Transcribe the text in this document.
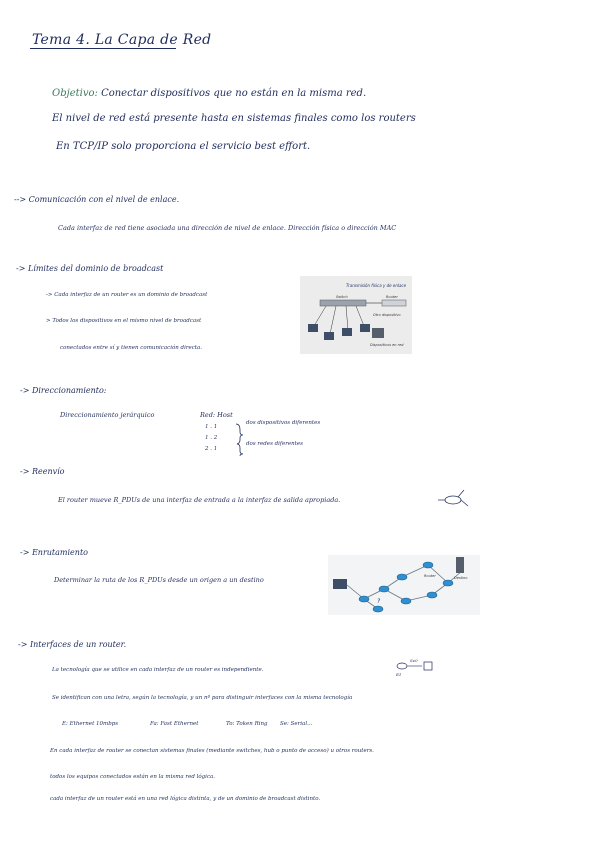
Tema 4. La Capa de Red
Objetivo: Conectar dispositivos que no están en la misma red.
El nivel de red está presente hasta en sistemas finales como los routers
En TCP/IP solo proporciona el servicio best effort.
--> Comunicación con el nivel de enlace.
Cada interfaz de red tiene asociada una dirección de nivel de enlace. Dirección física o dirección MAC
-> Límites del dominio de broadcast
-> Cada interfaz de un router es un dominio de broadcast
> Todos los dispositivos en el mismo nivel de broadcast
conectados entre sí y tienen comunicación directa.
Transmisión física y de enlace
Switch	Router
Otro dispositivo
Dispositivos en red
-> Direccionamiento:
Direccionamiento jerárquico	Red: Host
1 . 1
1 . 2
2 . 1
dos dispositivos diferentes
dos redes diferentes
-> Reenvío
El router mueve R_PDUs de una interfaz de entrada a la interfaz de salida apropiada.
-> Enrutamiento
Determinar la ruta de los R_PDUs desde un origen a un destino
?
Router	Destino
-> Interfaces de un router.
La tecnología que se utilice en cada interfaz de un router es independiente.
Se0
E1
Se identifican con una letra, según la tecnología, y un nº para distinguir interfaces con la misma tecnología
E: Ethernet 10mbps	Fa: Fast Ethernet	To: Token Ring Se: Serial...
En cada interfaz de router se conectan sistemas finales (mediante switches, hub o punto de acceso) u otros routers.
todos los equipos conectados están en la misma red lógica.
cada interfaz de un router está en una red lógica distinta, y de un dominio de broadcast distinto.
